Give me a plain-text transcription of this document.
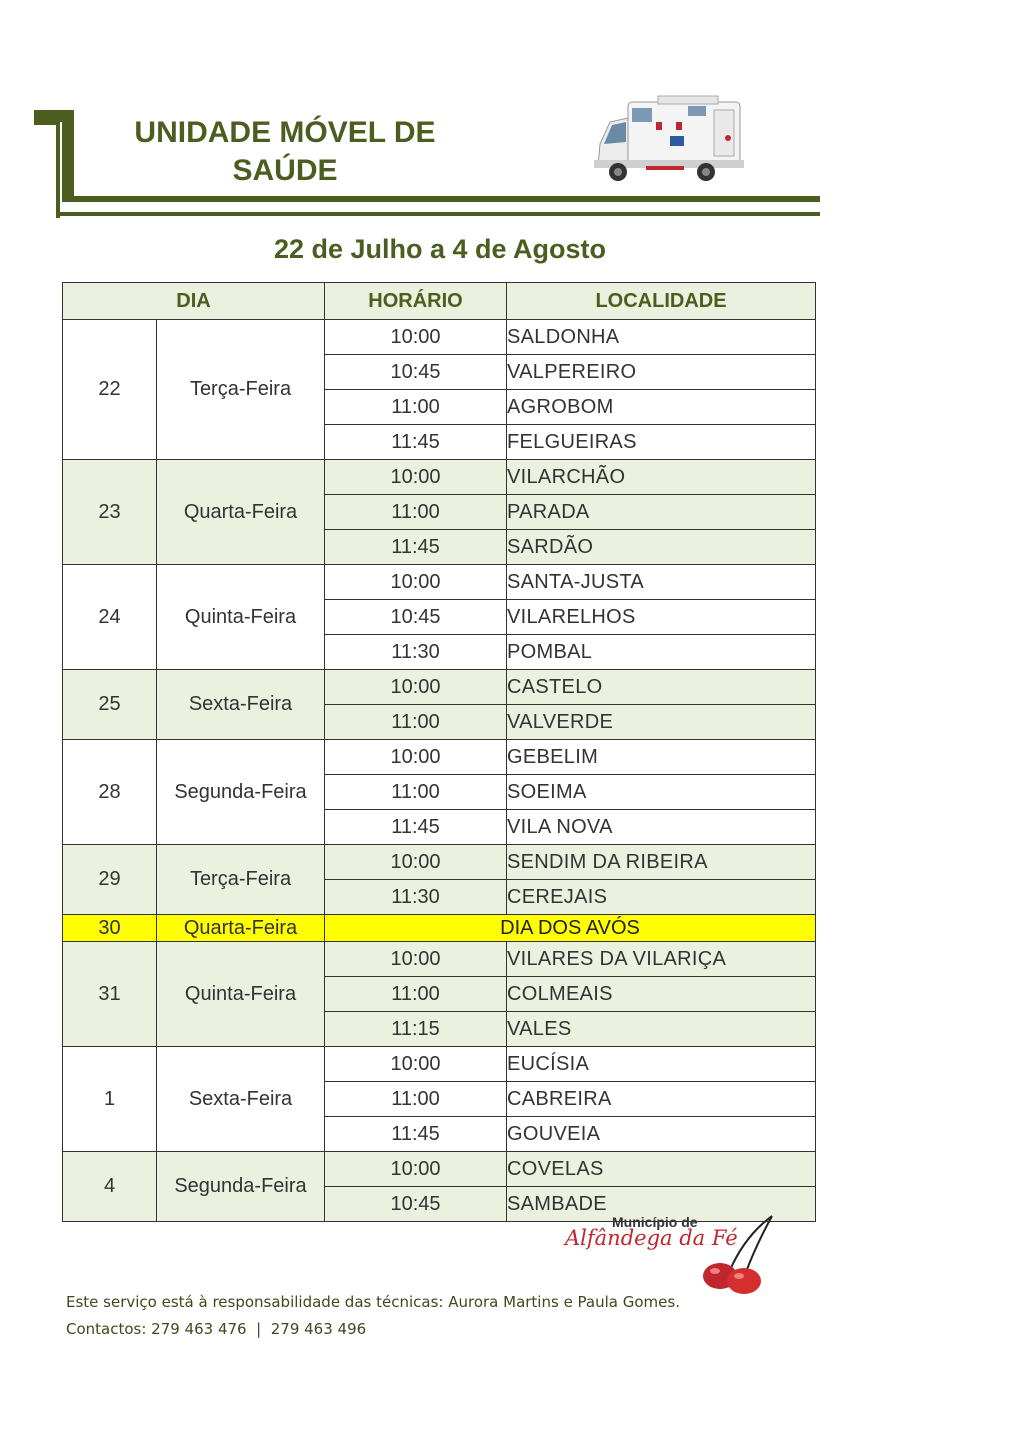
UNIDADE MÓVEL DE
SAÚDE
22 de Julho a 4 de Agosto
DIA		HORÁRIO	LOCALIDADE
22	Terça-Feira	10:00	SALDONHA
		10:45	VALPEREIRO
		11:00	AGROBOM
		11:45	FELGUEIRAS
23	Quarta-Feira	10:00	VILARCHÃO
		11:00	PARADA
		11:45	SARDÃO
24	Quinta-Feira	10:00	SANTA-JUSTA
		10:45	VILARELHOS
		11:30	POMBAL
25	Sexta-Feira	10:00	CASTELO
		11:00	VALVERDE
28	Segunda-Feira	10:00	GEBELIM
		11:00	SOEIMA
		11:45	VILA NOVA
29	Terça-Feira	10:00	SENDIM DA RIBEIRA
		11:30	CEREJAIS
30	Quarta-Feira	DIA DOS AVÓS	
31	Quinta-Feira	10:00	VILARES DA VILARIÇA
		11:00	COLMEAIS
		11:15	VALES
1	Sexta-Feira	10:00	EUCÍSIA
		11:00	CABREIRA
		11:45	GOUVEIA
4	Segunda-Feira	10:00	COVELAS
		10:45	SAMBADE
Município de
Alfândega da Fé
Este serviço está à responsabilidade das técnicas: Aurora Martins e Paula Gomes.
Contactos: 279 463 476  |  279 463 496
